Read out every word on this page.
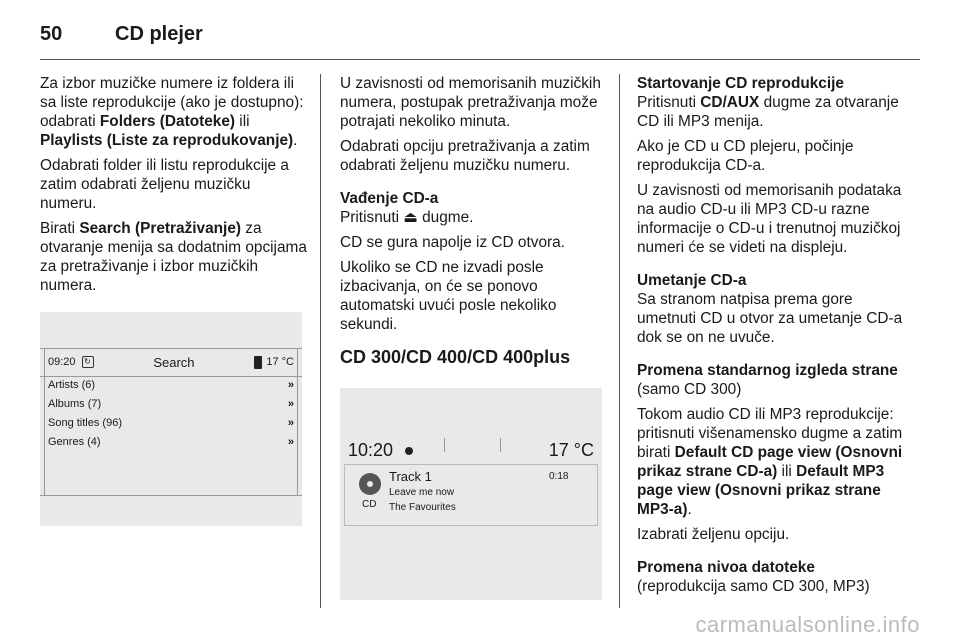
50	CD plejer

Za izbor muzičke numere iz foldera ili sa liste reprodukcije (ako je dostupno): odabrati Folders (Datoteke) ili Playlists (Liste za reprodukovanje).

Odabrati folder ili listu reprodukcije a zatim odabrati željenu muzičku numeru.

Birati Search (Pretraživanje) za otvaranje menija sa dodatnim opcijama za pretraživanje i izbor muzičkih numera.

09:20	↻	Search	17 °C
Artists (6)	»
Albums (7)	»
Song titles (96)	»
Genres (4)	»

U zavisnosti od memorisanih muzičkih numera, postupak pretraživanja može potrajati nekoliko minuta.

Odabrati opciju pretraživanja a zatim odabrati željenu muzičku numeru.

Vađenje CD-a

Pritisnuti ⏏ dugme.

CD se gura napolje iz CD otvora.

Ukoliko se CD ne izvadi posle izbacivanja, on će se ponovo automatski uvući posle nekoliko sekundi.

CD 300/CD 400/CD 400plus

10:20	17 °C
CD
Track 1
Leave me now
The Favourites
0:18

Startovanje CD reprodukcije

Pritisnuti CD/AUX dugme za otvaranje CD ili MP3 menija.

Ako je CD u CD plejeru, počinje reprodukcija CD-a.

U zavisnosti od memorisanih podataka na audio CD-u ili MP3 CD-u razne informacije o CD-u i trenutnoj muzičkoj numeri će se videti na displeju.

Umetanje CD-a

Sa stranom natpisa prema gore umetnuti CD u otvor za umetanje CD-a dok se on ne uvuče.

Promena standarnog izgleda strane

(samo CD 300)

Tokom audio CD ili MP3 reprodukcije: pritisnuti višenamensko dugme a zatim birati Default CD page view (Osnovni prikaz strane CD-a) ili Default MP3 page view (Osnovni prikaz strane MP3-a).

Izabrati željenu opciju.

Promena nivoa datoteke

(reprodukcija samo CD 300, MP3)

carmanualsonline.info
